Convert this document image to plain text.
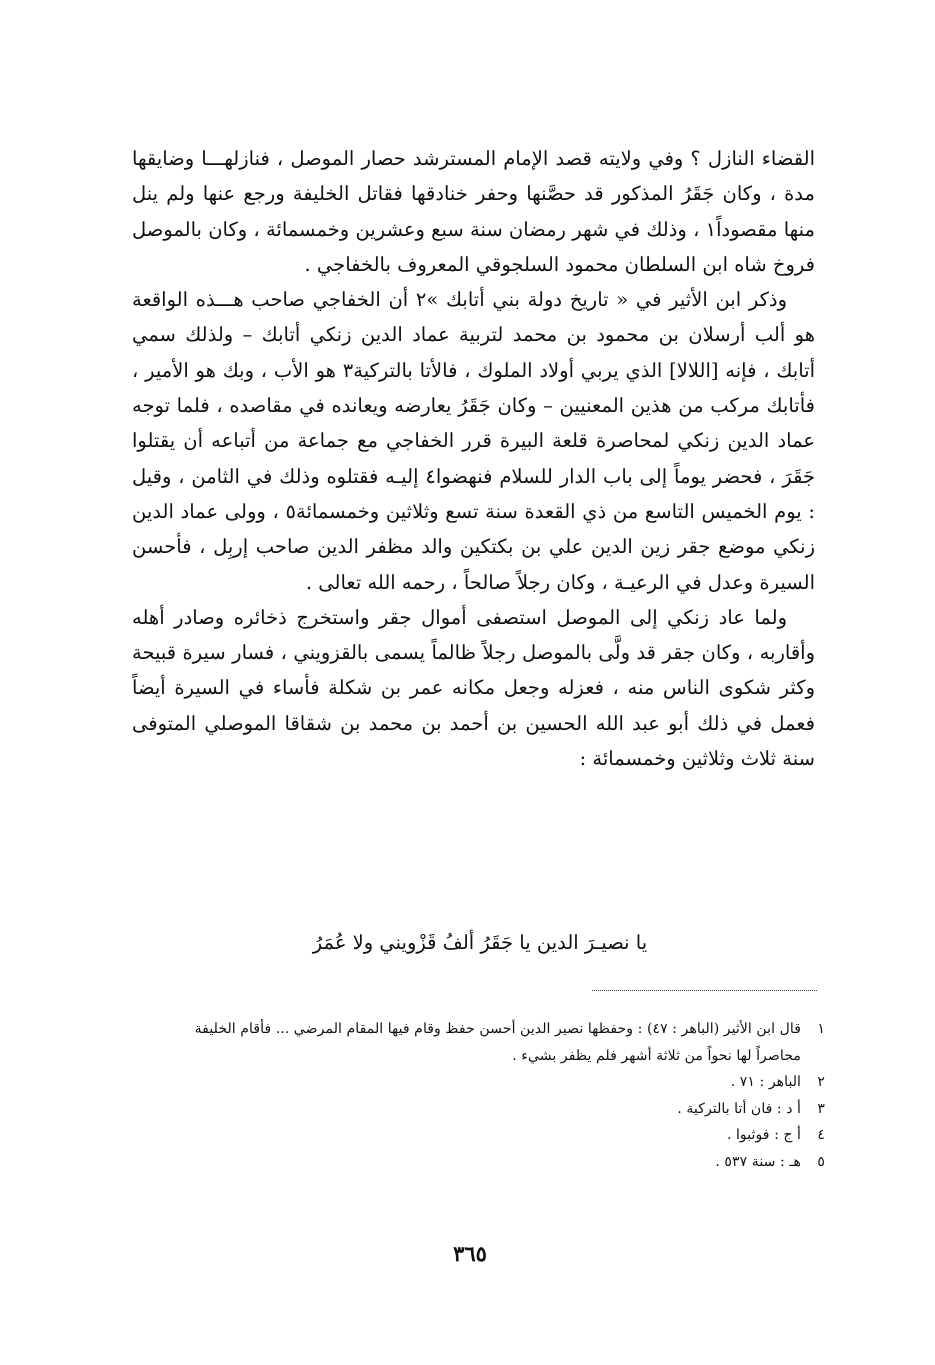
القضاء النازل ؟ وفي ولايته قصد الإمام المسترشد حصار الموصل ، فنازلهـــا وضايقها مدة ، وكان جَقَرُ المذكور قد حصَّنها وحفر خنادقها فقاتل الخليفة ورجع عنها ولم ينل منها مقصوداً١ ، وذلك في شهر رمضان سنة سبع وعشرين وخمسمائة ، وكان بالموصل فروخ شاه ابن السلطان محمود السلجوقي المعروف بالخفاجي .

وذكر ابن الأثير في « تاريخ دولة بني أتابك »٢ أن الخفاجي صاحب هـــذه الواقعة هو ألب أرسلان بن محمود بن محمد لتربية عماد الدين زنكي أتابك – ولذلك سمي أتابك ، فإنه [اللالا] الذي يربي أولاد الملوك ، فالأتا بالتركية٣ هو الأب ، وبك هو الأمير ، فأتابك مركب من هذين المعنيين – وكان جَقَرُ يعارضه ويعانده في مقاصده ، فلما توجه عماد الدين زنكي لمحاصرة قلعة البيرة قرر الخفاجي مع جماعة من أتباعه أن يقتلوا جَقَرَ ، فحضر يوماً إلى باب الدار للسلام فنهضوا٤ إليـه فقتلوه وذلك في الثامن ، وقيل : يوم الخميس التاسع من ذي القعدة سنة تسع وثلاثين وخمسمائة٥ ، وولى عماد الدين زنكي موضع جقر زين الدين علي بن بكتكين والد مظفر الدين صاحب إربِل ، فأحسن السيرة وعدل في الرعيـة ، وكان رجلاً صالحاً ، رحمه الله تعالى .

ولما عاد زنكي إلى الموصل استصفى أموال جقر واستخرج ذخائره وصادر أهله وأقاربه ، وكان جقر قد ولَّى بالموصل رجلاً ظالماً يسمى بالقزويني ، فسار سيرة قبيحة وكثر شكوى الناس منه ، فعزله وجعل مكانه عمر بن شكلة فأساء في السيرة أيضاً فعمل في ذلك أبو عبد الله الحسين بن أحمد بن محمد بن شقاقا الموصلي المتوفى سنة ثلاث وثلاثين وخمسمائة :

يا نصيـرَ الدين يا جَقَرُ ألفُ قَزْويني ولا عُمَرُ
١
قال ابن الأثير (الباهر : ٤٧) : وحفظها نصير الدين أحسن حفظ وقام فيها المقام المرضي ... فأقام الخليفة محاصراً لها نحواً من ثلاثة أشهر فلم يظفر بشيء .
٢
الباهر : ٧١ .
٣
أ د : فان أتا بالتركية .
٤
أ ج : فوثبوا .
٥
هـ : سنة ٥٣٧ .
٣٦٥
